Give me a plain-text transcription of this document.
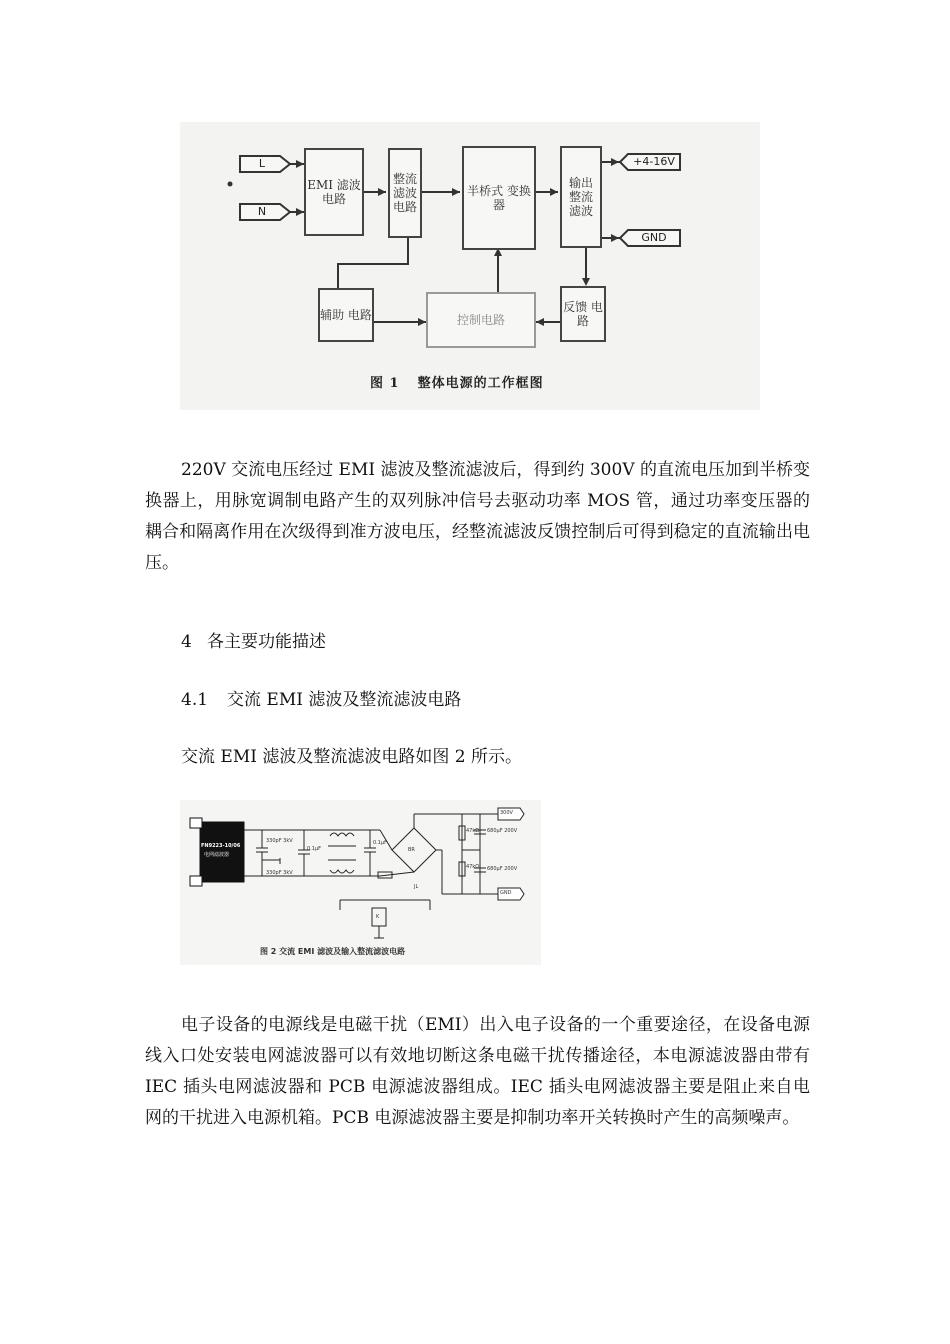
L
N
+4-16V
GND
EMI 滤波 电路
整流 滤波 电路
半桥式 变换器
输出 整流 滤波
辅助 电路	控制电路
反馈 电路
图 1 整体电源的工作框图

220V 交流电压经过 EMI 滤波及整流滤波后，得到约 300V 的直流电压加到半桥变换器上，用脉宽调制电路产生的双列脉冲信号去驱动功率 MOS 管，通过功率变压器的耦合和隔离作用在次级得到准方波电压，经整流滤波反馈控制后可得到稳定的直流输出电压。

4 各主要功能描述

4.1 交流 EMI 滤波及整流滤波电路

交流 EMI 滤波及整流滤波电路如图 2 所示。

FN9223-10/06
电网滤波器
300V
GND
330pF 3kV
330pF 3kV
0.1μF
0.1μF
BR
47kΩ
47kΩ
680μF 200V
680μF 200V
JL
K
图 2 交流 EMI 滤波及输入整流滤波电路

电子设备的电源线是电磁干扰（EMI）出入电子设备的一个重要途径，在设备电源线入口处安装电网滤波器可以有效地切断这条电磁干扰传播途径，本电源滤波器由带有 IEC 插头电网滤波器和 PCB 电源滤波器组成。IEC 插头电网滤波器主要是阻止来自电网的干扰进入电源机箱。PCB 电源滤波器主要是抑制功率开关转换时产生的高频噪声。
